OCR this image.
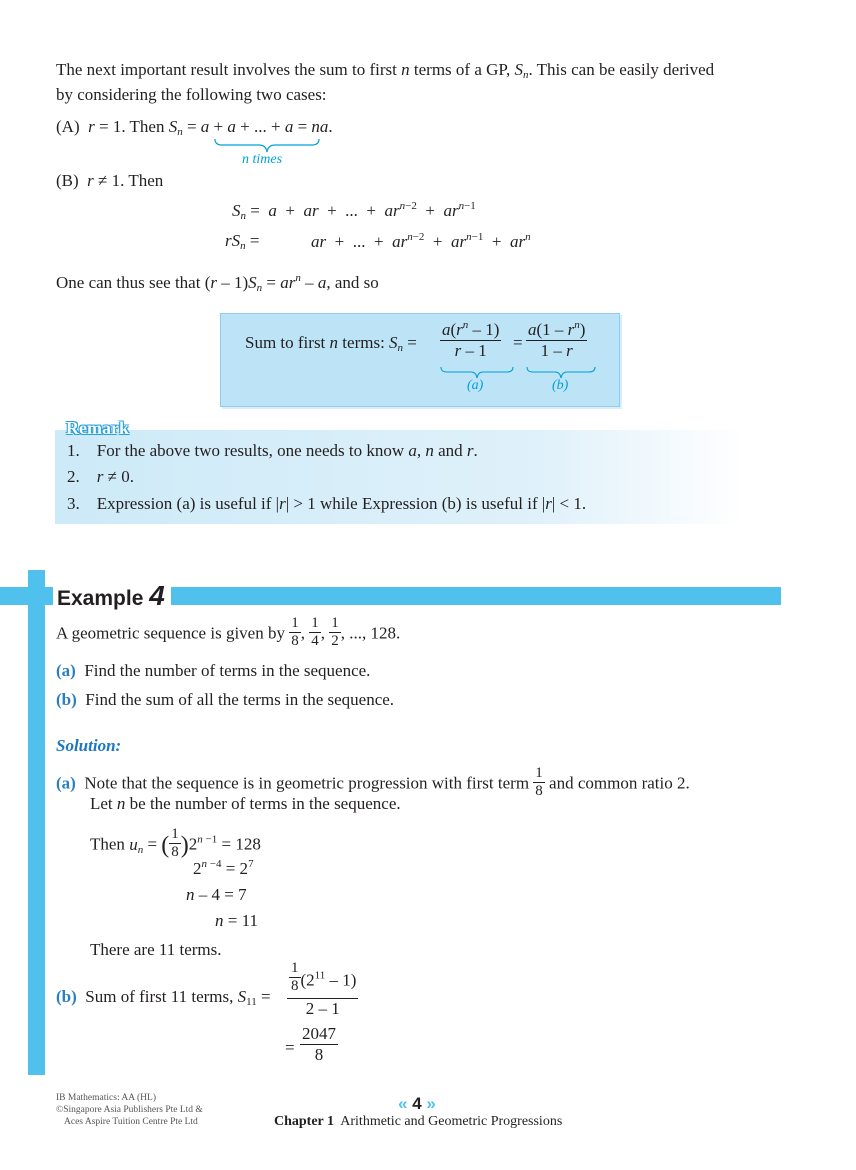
The next important result involves the sum to first n terms of a GP, $S_n$. This can be easily derived
by considering the following two cases:
(A) r = 1. Then $S_n = a + a$ + ... + a = na.
n times
(B) r ≠ 1. Then
$S_n = a$  +  ar  +  ...  +  $ar^{n-2} + ar^{n-1}$
$rS_n$ =	ar  +  ...  +  $ar^{n-2} + ar^{n-1} + ar^n$
One can thus see that $(r - 1)S_n = ar^n - a$, and so
Sum to first n terms: $S_n = \frac{a(r^n - 1)}{r - 1} = \frac{a(1 - r^n)}{1 - r}$
(a)	(b)
Remark
1.    For the above two results, one needs to know a, n and r.
2. r ≠ 0.
3.    Expression (a) is useful if |r| > 1 while Expression (b) is useful if |r| < 1.
Example 4
A geometric sequence is given by $\frac{1}{8}$ , $\frac{1}{4}$ , $\frac{1}{2}$ , ..., 128.
(a) Find the number of terms in the sequence.
(b) Find the sum of all the terms in the sequence.
Solution:
(a) Note that the sequence is in geometric progression with first term $\frac{1}{8}$ and common ratio 2.
Let n be the number of terms in the sequence.
Then $u_n$ = ( $\frac{1}{8} )2^{n -1} = 128$
$2^{n -4} = 2^7$
n – 4 = 7
n = 11
There are 11 terms.
(b) Sum of first 11 terms, $S_{11} = \frac{\frac{1}{8} (2^{11} - 1)}{2 - 1}$
= $\frac{2047}{8}$
IB Mathematics: AA (HL)
©Singapore Asia Publishers Pte Ltd &
Aces Aspire Tuition Centre Pte Ltd
« 4 »
Chapter 1 Arithmetic and Geometric Progressions
